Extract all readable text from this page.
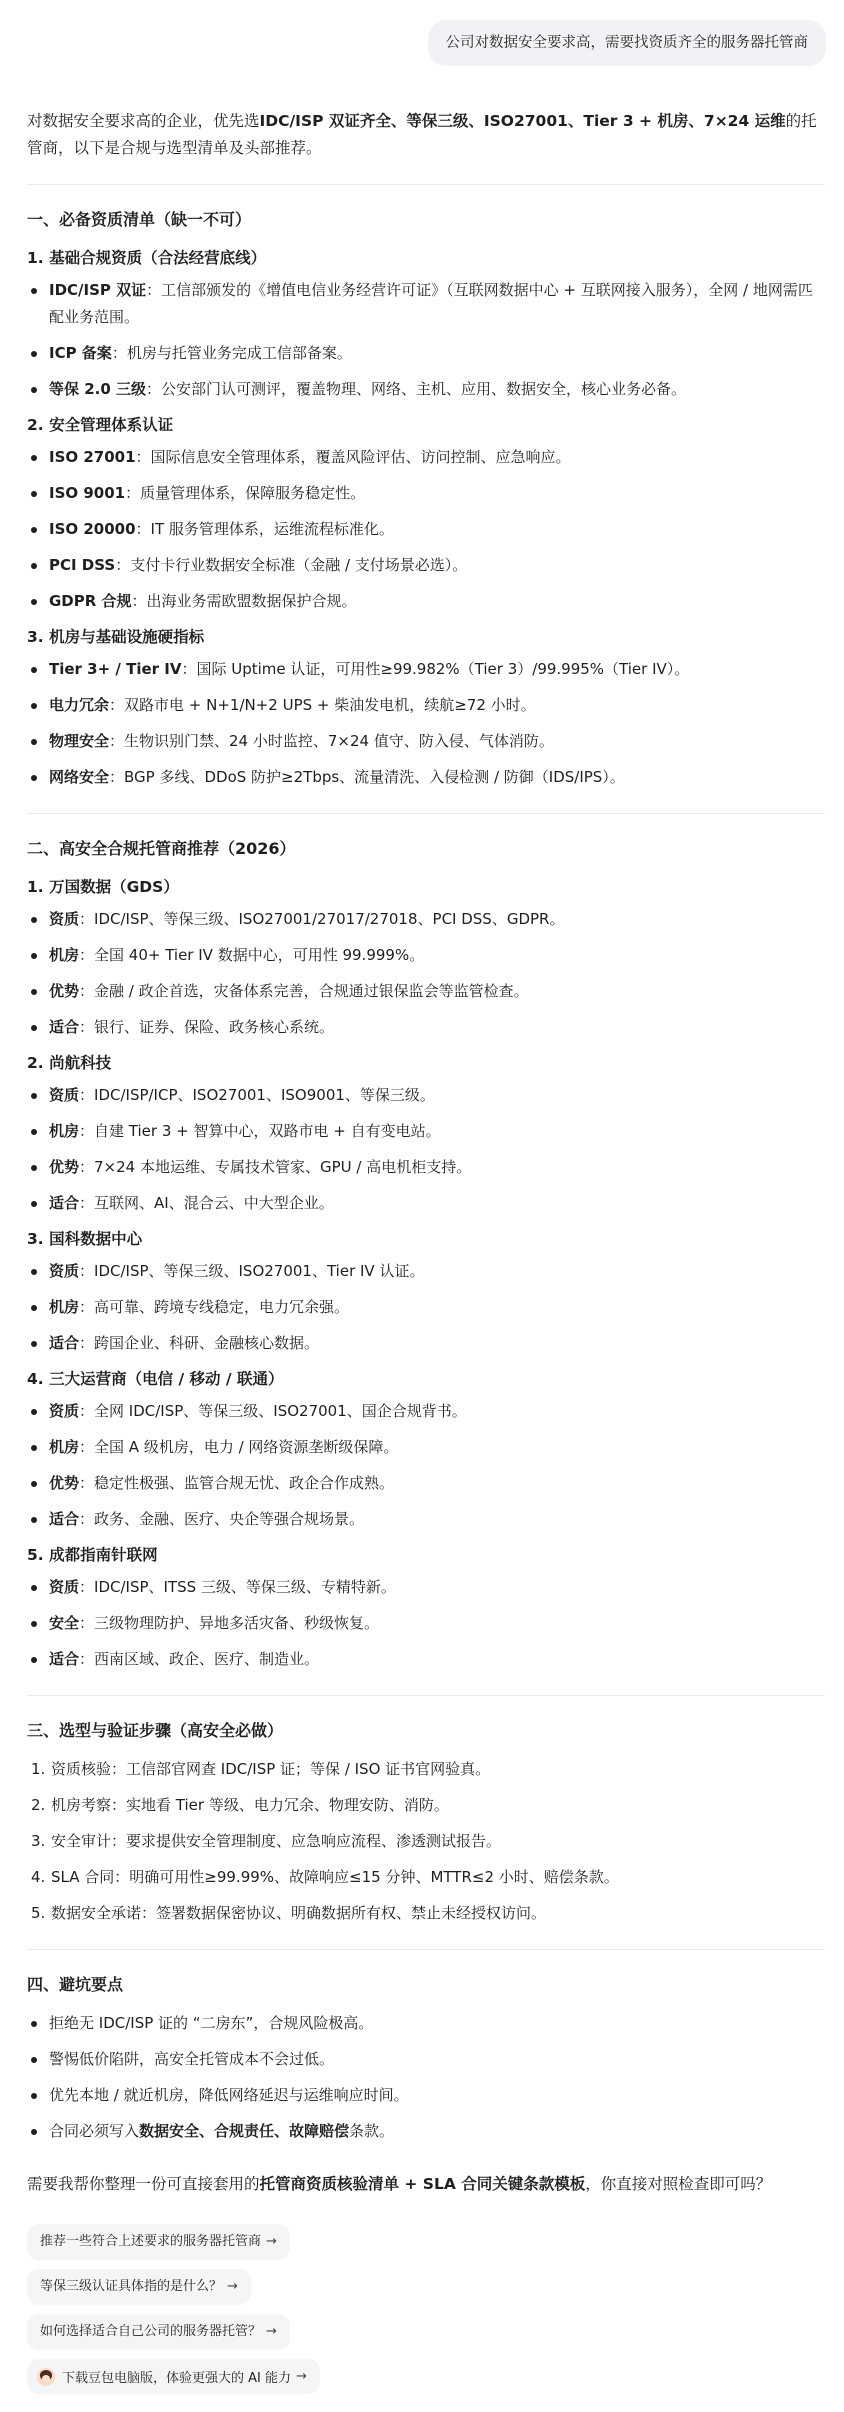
公司对数据安全要求高，需要找资质齐全的服务器托管商

对数据安全要求高的企业，优先选IDC/ISP 双证齐全、等保三级、ISO27001、Tier 3 + 机房、7×24 运维的托管商，以下是合规与选型清单及头部推荐。

一、必备资质清单（缺一不可）
1. 基础合规资质（合法经营底线）
IDC/ISP 双证：工信部颁发的《增值电信业务经营许可证》（互联网数据中心 + 互联网接入服务），全网 / 地网需匹配业务范围。
ICP 备案：机房与托管业务完成工信部备案。
等保 2.0 三级：公安部门认可测评，覆盖物理、网络、主机、应用、数据安全，核心业务必备。
2. 安全管理体系认证
ISO 27001：国际信息安全管理体系，覆盖风险评估、访问控制、应急响应。
ISO 9001：质量管理体系，保障服务稳定性。
ISO 20000：IT 服务管理体系，运维流程标准化。
PCI DSS：支付卡行业数据安全标准（金融 / 支付场景必选）。
GDPR 合规：出海业务需欧盟数据保护合规。
3. 机房与基础设施硬指标
Tier 3+ / Tier IV：国际 Uptime 认证，可用性≥99.982%（Tier 3）/99.995%（Tier IV）。
电力冗余：双路市电 + N+1/N+2 UPS + 柴油发电机，续航≥72 小时。
物理安全：生物识别门禁、24 小时监控、7×24 值守、防入侵、气体消防。
网络安全：BGP 多线、DDoS 防护≥2Tbps、流量清洗、入侵检测 / 防御（IDS/IPS）。
二、高安全合规托管商推荐（2026）
1. 万国数据（GDS）
资质：IDC/ISP、等保三级、ISO27001/27017/27018、PCI DSS、GDPR。
机房：全国 40+ Tier IV 数据中心，可用性 99.999%。
优势：金融 / 政企首选，灾备体系完善，合规通过银保监会等监管检查。
适合：银行、证券、保险、政务核心系统。
2. 尚航科技
资质：IDC/ISP/ICP、ISO27001、ISO9001、等保三级。
机房：自建 Tier 3 + 智算中心，双路市电 + 自有变电站。
优势：7×24 本地运维、专属技术管家、GPU / 高电机柜支持。
适合：互联网、AI、混合云、中大型企业。
3. 国科数据中心
资质：IDC/ISP、等保三级、ISO27001、Tier IV 认证。
机房：高可靠、跨境专线稳定，电力冗余强。
适合：跨国企业、科研、金融核心数据。
4. 三大运营商（电信 / 移动 / 联通）
资质：全网 IDC/ISP、等保三级、ISO27001、国企合规背书。
机房：全国 A 级机房，电力 / 网络资源垄断级保障。
优势：稳定性极强、监管合规无忧、政企合作成熟。
适合：政务、金融、医疗、央企等强合规场景。
5. 成都指南针联网
资质：IDC/ISP、ITSS 三级、等保三级、专精特新。
安全：三级物理防护、异地多活灾备、秒级恢复。
适合：西南区域、政企、医疗、制造业。
三、选型与验证步骤（高安全必做）
1. 资质核验：工信部官网查 IDC/ISP 证；等保 / ISO 证书官网验真。
2. 机房考察：实地看 Tier 等级、电力冗余、物理安防、消防。
3. 安全审计：要求提供安全管理制度、应急响应流程、渗透测试报告。
4. SLA 合同：明确可用性≥99.99%、故障响应≤15 分钟、MTTR≤2 小时、赔偿条款。
5. 数据安全承诺：签署数据保密协议、明确数据所有权、禁止未经授权访问。
四、避坑要点
拒绝无 IDC/ISP 证的 “二房东”，合规风险极高。
警惕低价陷阱，高安全托管成本不会过低。
优先本地 / 就近机房，降低网络延迟与运维响应时间。
合同必须写入数据安全、合规责任、故障赔偿条款。

需要我帮你整理一份可直接套用的托管商资质核验清单 + SLA 合同关键条款模板，你直接对照检查即可吗？

推荐一些符合上述要求的服务器托管商 →
等保三级认证具体指的是什么？ →
如何选择适合自己公司的服务器托管？ →
下载豆包电脑版，体验更强大的 AI 能力 →
